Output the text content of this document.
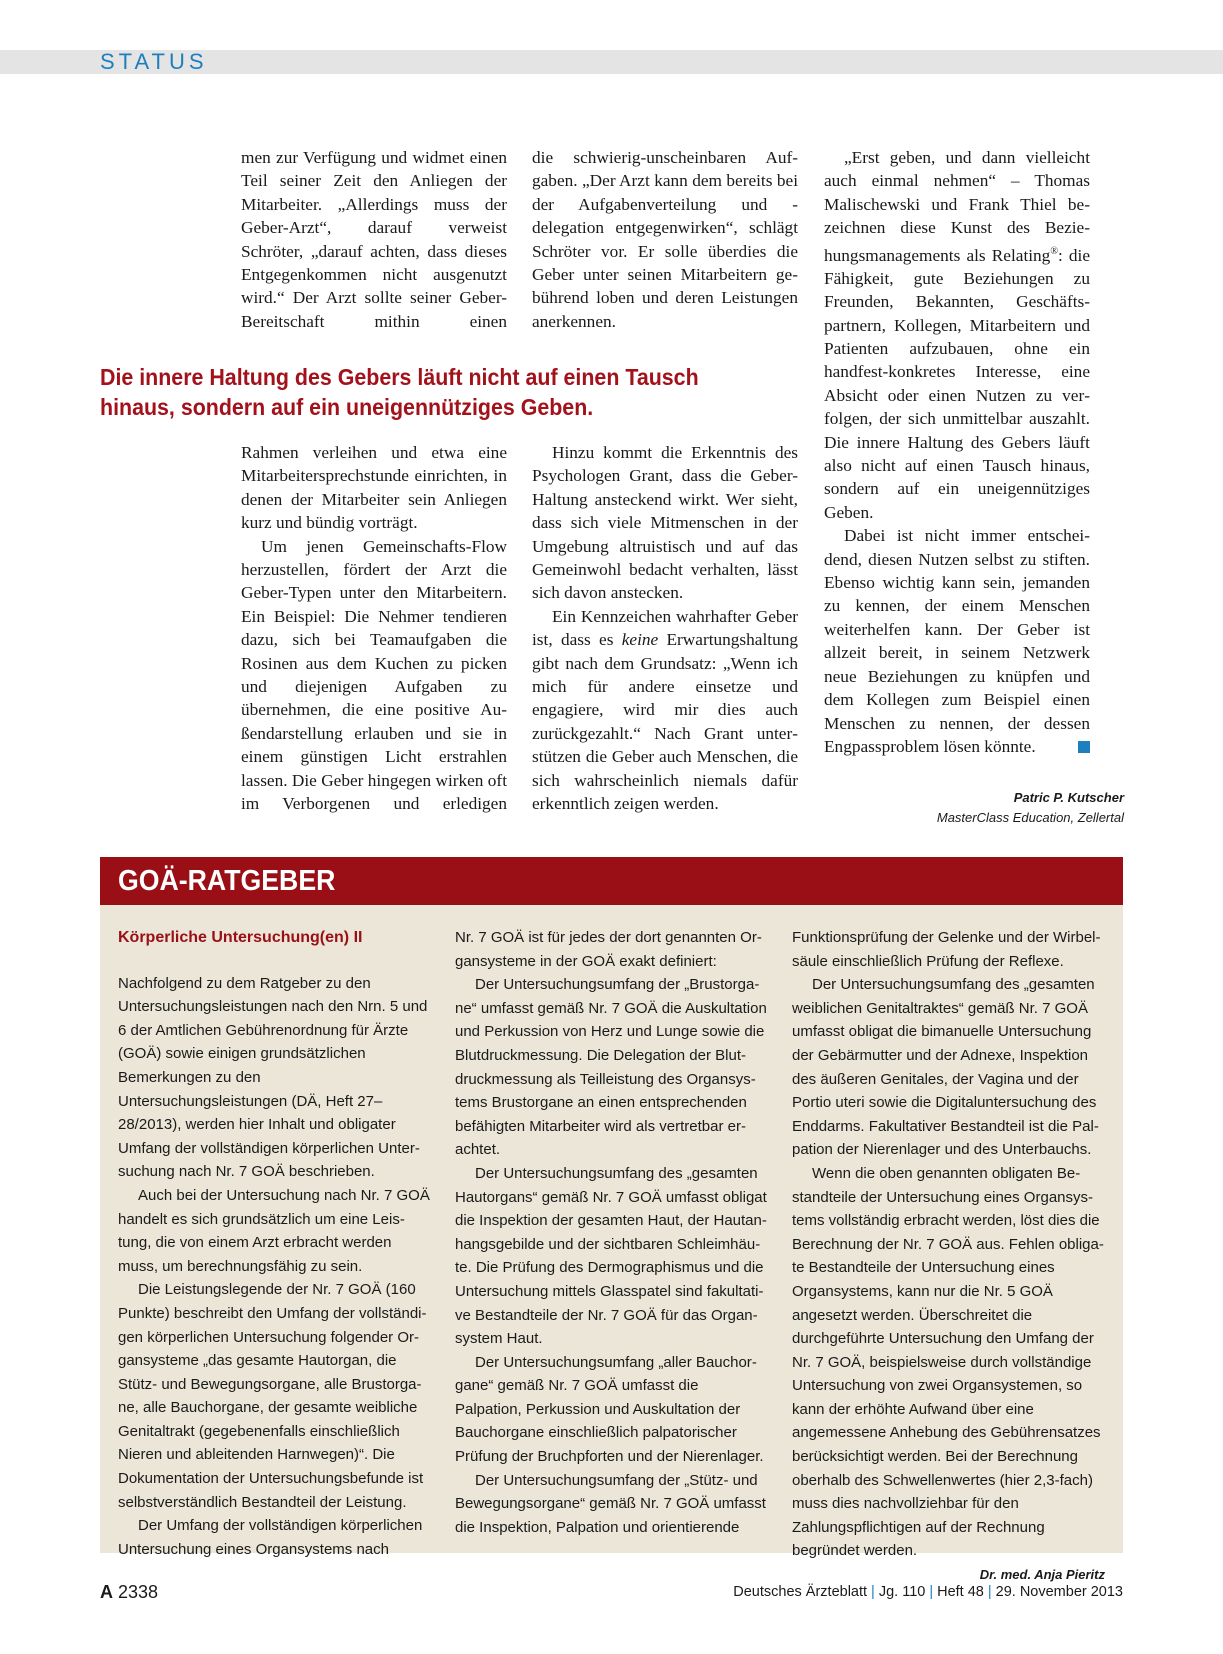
STATUS

men zur Verfügung und widmet einen Teil seiner Zeit den Anliegen der Mitarbeiter. „Allerdings muss der Geber-Arzt“, darauf verweist Schröter, „darauf achten, dass dieses Entgegenkommen nicht ausgenutzt wird.“ Der Arzt sollte seiner Geber-Bereitschaft mithin einen

die schwierig-unscheinbaren Aufgaben. „Der Arzt kann dem bereits bei der Aufgabenverteilung und -delegation entgegenwirken“, schlägt Schröter vor. Er solle überdies die Geber unter seinen Mitarbeitern gebührend loben und deren Leistungen anerkennen.

Die innere Haltung des Gebers läuft nicht auf einen Tausch hinaus, sondern auf ein uneigennütziges Geben.

Rahmen verleihen und etwa eine Mitarbeitersprechstunde einrichten, in denen der Mitarbeiter sein Anliegen kurz und bündig vorträgt.

Um jenen Gemeinschafts-Flow herzustellen, fördert der Arzt die Geber-Typen unter den Mitarbeitern. Ein Beispiel: Die Nehmer tendieren dazu, sich bei Teamaufgaben die Rosinen aus dem Kuchen zu picken und diejenigen Aufgaben zu übernehmen, die eine positive Außendarstellung erlauben und sie in einem günstigen Licht erstrahlen lassen. Die Geber hingegen wirken oft im Verborgenen und erledigen

Hinzu kommt die Erkenntnis des Psychologen Grant, dass die Geber-Haltung ansteckend wirkt. Wer sieht, dass sich viele Mitmenschen in der Umgebung altruistisch und auf das Gemeinwohl bedacht verhalten, lässt sich davon anstecken.

Ein Kennzeichen wahrhafter Geber ist, dass es keine Erwartungshaltung gibt nach dem Grundsatz: „Wenn ich mich für andere einsetze und engagiere, wird mir dies auch zurückgezahlt.“ Nach Grant unterstützen die Geber auch Menschen, die sich wahrscheinlich niemals dafür erkenntlich zeigen werden.

„Erst geben, und dann vielleicht auch einmal nehmen“ – Thomas Malischewski und Frank Thiel bezeichnen diese Kunst des Beziehungsmanagements als Relating®: die Fähigkeit, gute Beziehungen zu Freunden, Bekannten, Geschäftspartnern, Kollegen, Mitarbeitern und Patienten aufzubauen, ohne ein handfest-konkretes Interesse, eine Absicht oder einen Nutzen zu verfolgen, der sich unmittelbar auszahlt. Die innere Haltung des Gebers läuft also nicht auf einen Tausch hinaus, sondern auf ein uneigennütziges Geben.

Dabei ist nicht immer entscheidend, diesen Nutzen selbst zu stiften. Ebenso wichtig kann sein, jemanden zu kennen, der einem Menschen weiterhelfen kann. Der Geber ist allzeit bereit, in seinem Netzwerk neue Beziehungen zu knüpfen und dem Kollegen zum Beispiel einen Menschen zu nennen, der dessen Engpassproblem lösen könnte.

Patric P. Kutscher
MasterClass Education, Zellertal
GOÄ-RATGEBER

Körperliche Untersuchung(en) II

Nachfolgend zu dem Ratgeber zu den Untersuchungsleistungen nach den Nrn. 5 und 6 der Amtlichen Gebührenordnung für Ärzte (GOÄ) sowie einigen grundsätzlichen Bemerkungen zu den Untersuchungsleistungen (DÄ, Heft 27–28/2013), werden hier Inhalt und obligater Umfang der vollständigen körperlichen Untersuchung nach Nr. 7 GOÄ beschrieben.

Auch bei der Untersuchung nach Nr. 7 GOÄ handelt es sich grundsätzlich um eine Leistung, die von einem Arzt erbracht werden muss, um berechnungsfähig zu sein.

Die Leistungslegende der Nr. 7 GOÄ (160 Punkte) beschreibt den Umfang der vollständigen körperlichen Untersuchung folgender Organsysteme „das gesamte Hautorgan, die Stütz- und Bewegungsorgane, alle Brustorgane, alle Bauchorgane, der gesamte weibliche Genitaltrakt (gegebenenfalls einschließlich Nieren und ableitenden Harnwegen)“. Die Dokumentation der Untersuchungsbefunde ist selbstverständlich Bestandteil der Leistung.

Der Umfang der vollständigen körperlichen Untersuchung eines Organsystems nach

Nr. 7 GOÄ ist für jedes der dort genannten Organsysteme in der GOÄ exakt definiert:

Der Untersuchungsumfang der „Brustorgane“ umfasst gemäß Nr. 7 GOÄ die Auskultation und Perkussion von Herz und Lunge sowie die Blutdruckmessung. Die Delegation der Blutdruckmessung als Teilleistung des Organsystems Brustorgane an einen entsprechenden befähigten Mitarbeiter wird als vertretbar erachtet.

Der Untersuchungsumfang des „gesamten Hautorgans“ gemäß Nr. 7 GOÄ umfasst obligat die Inspektion der gesamten Haut, der Hautanhangsgebilde und der sichtbaren Schleimhäute. Die Prüfung des Dermographismus und die Untersuchung mittels Glasspatel sind fakultative Bestandteile der Nr. 7 GOÄ für das Organsystem Haut.

Der Untersuchungsumfang „aller Bauchorgane“ gemäß Nr. 7 GOÄ umfasst die Palpation, Perkussion und Auskultation der Bauchorgane einschließlich palpatorischer Prüfung der Bruchpforten und der Nierenlager.

Der Untersuchungsumfang der „Stütz- und Bewegungsorgane“ gemäß Nr. 7 GOÄ umfasst die Inspektion, Palpation und orientierende

Funktionsprüfung der Gelenke und der Wirbelsäule einschließlich Prüfung der Reflexe.

Der Untersuchungsumfang des „gesamten weiblichen Genitaltraktes“ gemäß Nr. 7 GOÄ umfasst obligat die bimanuelle Untersuchung der Gebärmutter und der Adnexe, Inspektion des äußeren Genitales, der Vagina und der Portio uteri sowie die Digitaluntersuchung des Enddarms. Fakultativer Bestandteil ist die Palpation der Nierenlager und des Unterbauchs.

Wenn die oben genannten obligaten Bestandteile der Untersuchung eines Organsystems vollständig erbracht werden, löst dies die Berechnung der Nr. 7 GOÄ aus. Fehlen obligate Bestandteile der Untersuchung eines Organsystems, kann nur die Nr. 5 GOÄ angesetzt werden. Überschreitet die durchgeführte Untersuchung den Umfang der Nr. 7 GOÄ, beispielsweise durch vollständige Untersuchung von zwei Organsystemen, so kann der erhöhte Aufwand über eine angemessene Anhebung des Gebührensatzes berücksichtigt werden. Bei der Berechnung oberhalb des Schwellenwertes (hier 2,3-fach) muss dies nachvollziehbar für den Zahlungspflichtigen auf der Rechnung begründet werden.

Dr. med. Anja Pieritz

A 2338	Deutsches Ärzteblatt | Jg. 110 | Heft 48 | 29. November 2013
